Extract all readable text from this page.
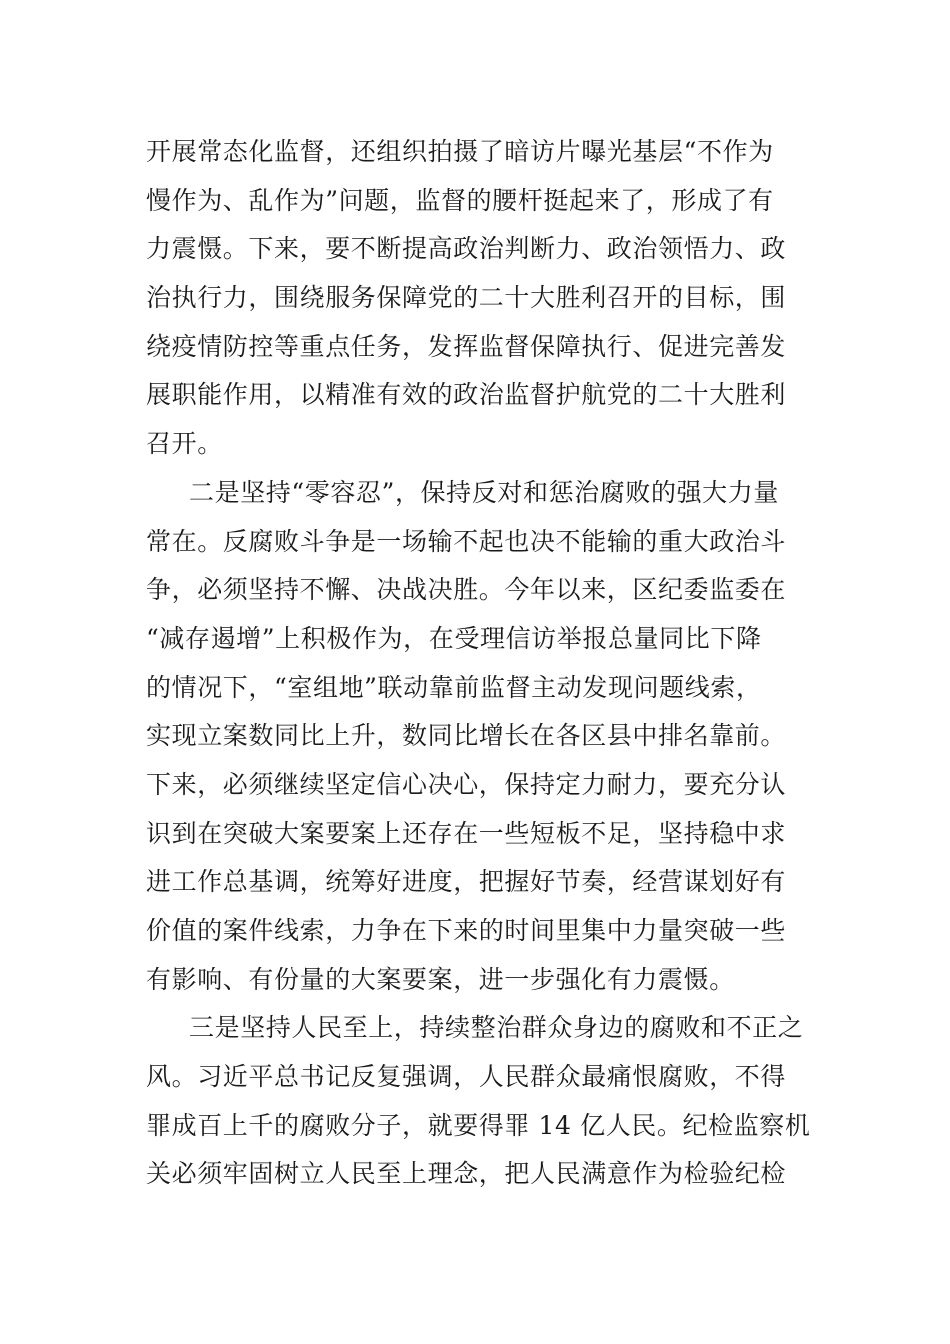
开展常态化监督，还组织拍摄了暗访片曝光基层“不作为
慢作为、乱作为”问题，监督的腰杆挺起来了，形成了有
力震慑。下来，要不断提高政治判断力、政治领悟力、政
治执行力，围绕服务保障党的二十大胜利召开的目标，围
绕疫情防控等重点任务，发挥监督保障执行、促进完善发
展职能作用，以精准有效的政治监督护航党的二十大胜利
召开。
二是坚持“零容忍”，保持反对和惩治腐败的强大力量
常在。反腐败斗争是一场输不起也决不能输的重大政治斗
争，必须坚持不懈、决战决胜。今年以来，区纪委监委在
“减存遏增”上积极作为，在受理信访举报总量同比下降
的情况下，“室组地”联动靠前监督主动发现问题线索，
实现立案数同比上升，数同比增长在各区县中排名靠前。
下来，必须继续坚定信心决心，保持定力耐力，要充分认
识到在突破大案要案上还存在一些短板不足，坚持稳中求
进工作总基调，统筹好进度，把握好节奏，经营谋划好有
价值的案件线索，力争在下来的时间里集中力量突破一些
有影响、有份量的大案要案，进一步强化有力震慑。
三是坚持人民至上，持续整治群众身边的腐败和不正之
风。习近平总书记反复强调，人民群众最痛恨腐败，不得
罪成百上千的腐败分子，就要得罪 14 亿人民。纪检监察机
关必须牢固树立人民至上理念，把人民满意作为检验纪检
